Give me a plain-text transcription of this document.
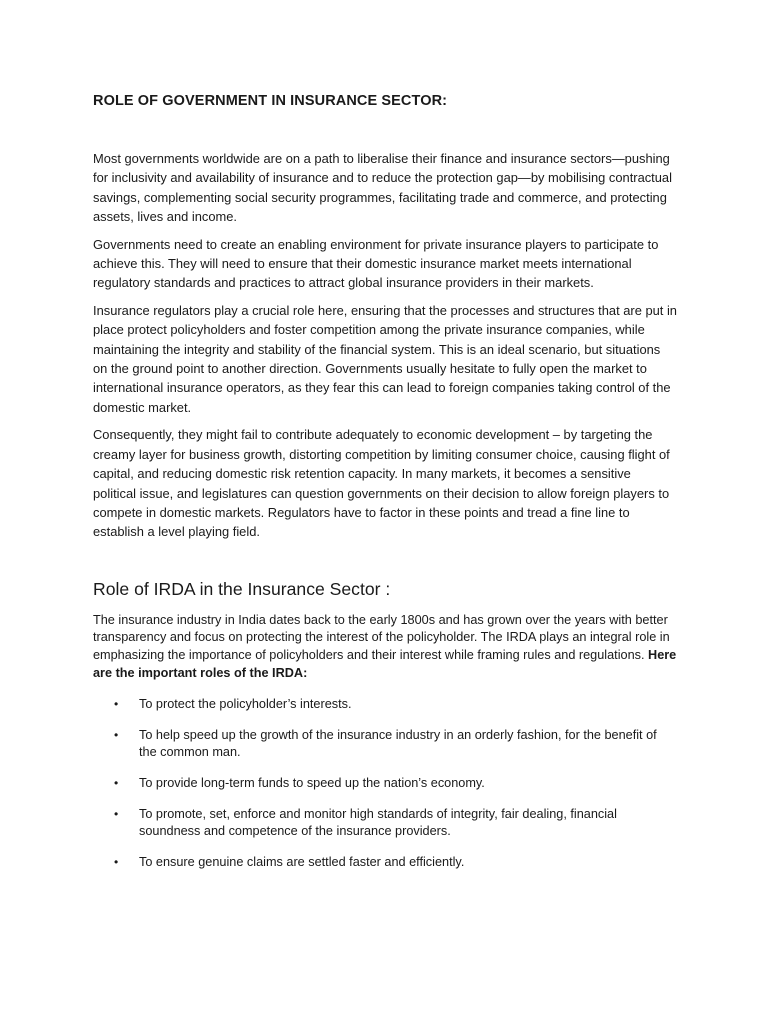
ROLE OF GOVERNMENT IN INSURANCE SECTOR:

Most governments worldwide are on a path to liberalise their finance and insurance sectors—pushing for inclusivity and availability of insurance and to reduce the protection gap—by mobilising contractual savings, complementing social security programmes, facilitating trade and commerce, and protecting assets, lives and income.

Governments need to create an enabling environment for private insurance players to participate to achieve this. They will need to ensure that their domestic insurance market meets international regulatory standards and practices to attract global insurance providers in their markets.

Insurance regulators play a crucial role here, ensuring that the processes and structures that are put in place protect policyholders and foster competition among the private insurance companies, while maintaining the integrity and stability of the financial system. This is an ideal scenario, but situations on the ground point to another direction. Governments usually hesitate to fully open the market to international insurance operators, as they fear this can lead to foreign companies taking control of the domestic market.

Consequently, they might fail to contribute adequately to economic development – by targeting the creamy layer for business growth, distorting competition by limiting consumer choice, causing flight of capital, and reducing domestic risk retention capacity. In many markets, it becomes a sensitive political issue, and legislatures can question governments on their decision to allow foreign players to compete in domestic markets. Regulators have to factor in these points and tread a fine line to establish a level playing field.

Role of IRDA in the Insurance Sector :

The insurance industry in India dates back to the early 1800s and has grown over the years with better transparency and focus on protecting the interest of the policyholder. The IRDA plays an integral role in emphasizing the importance of policyholders and their interest while framing rules and regulations. Here are the important roles of the IRDA:

• To protect the policyholder’s interests.
• To help speed up the growth of the insurance industry in an orderly fashion, for the benefit of the common man.
• To provide long-term funds to speed up the nation’s economy.
• To promote, set, enforce and monitor high standards of integrity, fair dealing, financial soundness and competence of the insurance providers.
• To ensure genuine claims are settled faster and efficiently.
